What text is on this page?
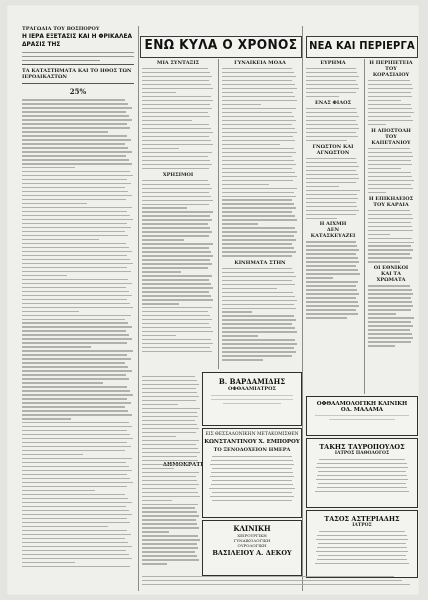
ΤΡΑΓΩΔΙΑ ΤΟΥ ΒΟΣΠΟΡΟΥ
Η ΙΕΡΑ ΕΞΕΤΑΣΙΣ ΚΑΙ Η ΦΡΙΚΑΛΕΑ ΔΡΑΣΙΣ ΤΗΣ
ΤΑ ΚΑΤΑΣΤΗΜΑΤΑ ΚΑΙ ΤΟ ΗΘΟΣ ΤΩΝ ΙΕΡΟΔΙΚΑΣΤΩΝ
25%
ΕΝΩ ΚΥΛΑ Ο ΧΡΟΝΟΣ	ΝΕΑ ΚΑΙ ΠΕΡΙΕΡΓΑ
ΜΙΑ ΣΥΝΤΑΞΙΣ
ΧΡΗΣΙΜΟΙ
ΓΥΝΑΙΚΕΙΑ ΜΟΔΑ
ΚΙΝΗΜΑΤΑ ΣΤΗΝ
ΕΥΡΗΜΑ
ΕΝΑΣ ΦΙΛΟΣ
ΓΝΩΣΤΟΝ ΚΑΙ ΑΓΝΩΣΤΟΝ
Η ΑΙΧΜΗ
ΔΕΝ ΚΑΤΑΣΚΕΥΑΖΕΙ
Η ΠΕΡΙΠΕΤΕΙΑ ΤΟΥ ΚΟΡΑΣΙΔΙΟΥ
Η ΑΠΟΣΤΟΛΗ ΤΟΥ ΚΑΠΕΤΑΝΙΟΥ
Η ΕΠΙΚΗΔΕΙΟΣ ΤΟΥ ΚΑΡΔΙΑ
ΟΙ ΕΘΝΙΚΟΙ ΚΑΙ ΤΑ ΧΡΩΜΑΤΑ
Β. ΒΑΡΔΑΜΙΔΗΣ
ΟΦΘΑΛΜΙΑΤΡΟΣ
ΕΙΣ ΘΕΣΣΑΛΟΝΙΚΗΝ ΜΕΤΑΚΟΜΙΣΘΕΝ
ΚΩΝΣΤΑΝΤΙΝΟΥ Χ. ΕΜΠΟΡΟΥ
ΤΟ ΞΕΝΟΔΟΧΕΙΟΝ ΗΜΕΡΑ
ΚΛΙΝΙΚΗ
ΧΕΙΡΟΥΡΓΙΚΗ
ΓΥΝΑΙΚΟΛΟΓΙΚΗ
ΟΥΡΟΛΟΓΙΚΗ
ΒΑΣΙΛΕΙΟΥ Α. ΔΕΚΟΥ
ΟΦΘΑΛΜΟΛΟΓΙΚΗ ΚΛΙΝΙΚΗ
ΟΔ. ΜΑΛΑΜΑ
ΤΑΚΗΣ ΤΑΥΡΟΠΟΥΛΟΣ
ΙΑΤΡΟΣ ΠΑΘΟΛΟΓΟΣ
ΤΑΣΟΣ ΑΣΤΕΡΙΑΔΗΣ
ΙΑΤΡΟΣ
